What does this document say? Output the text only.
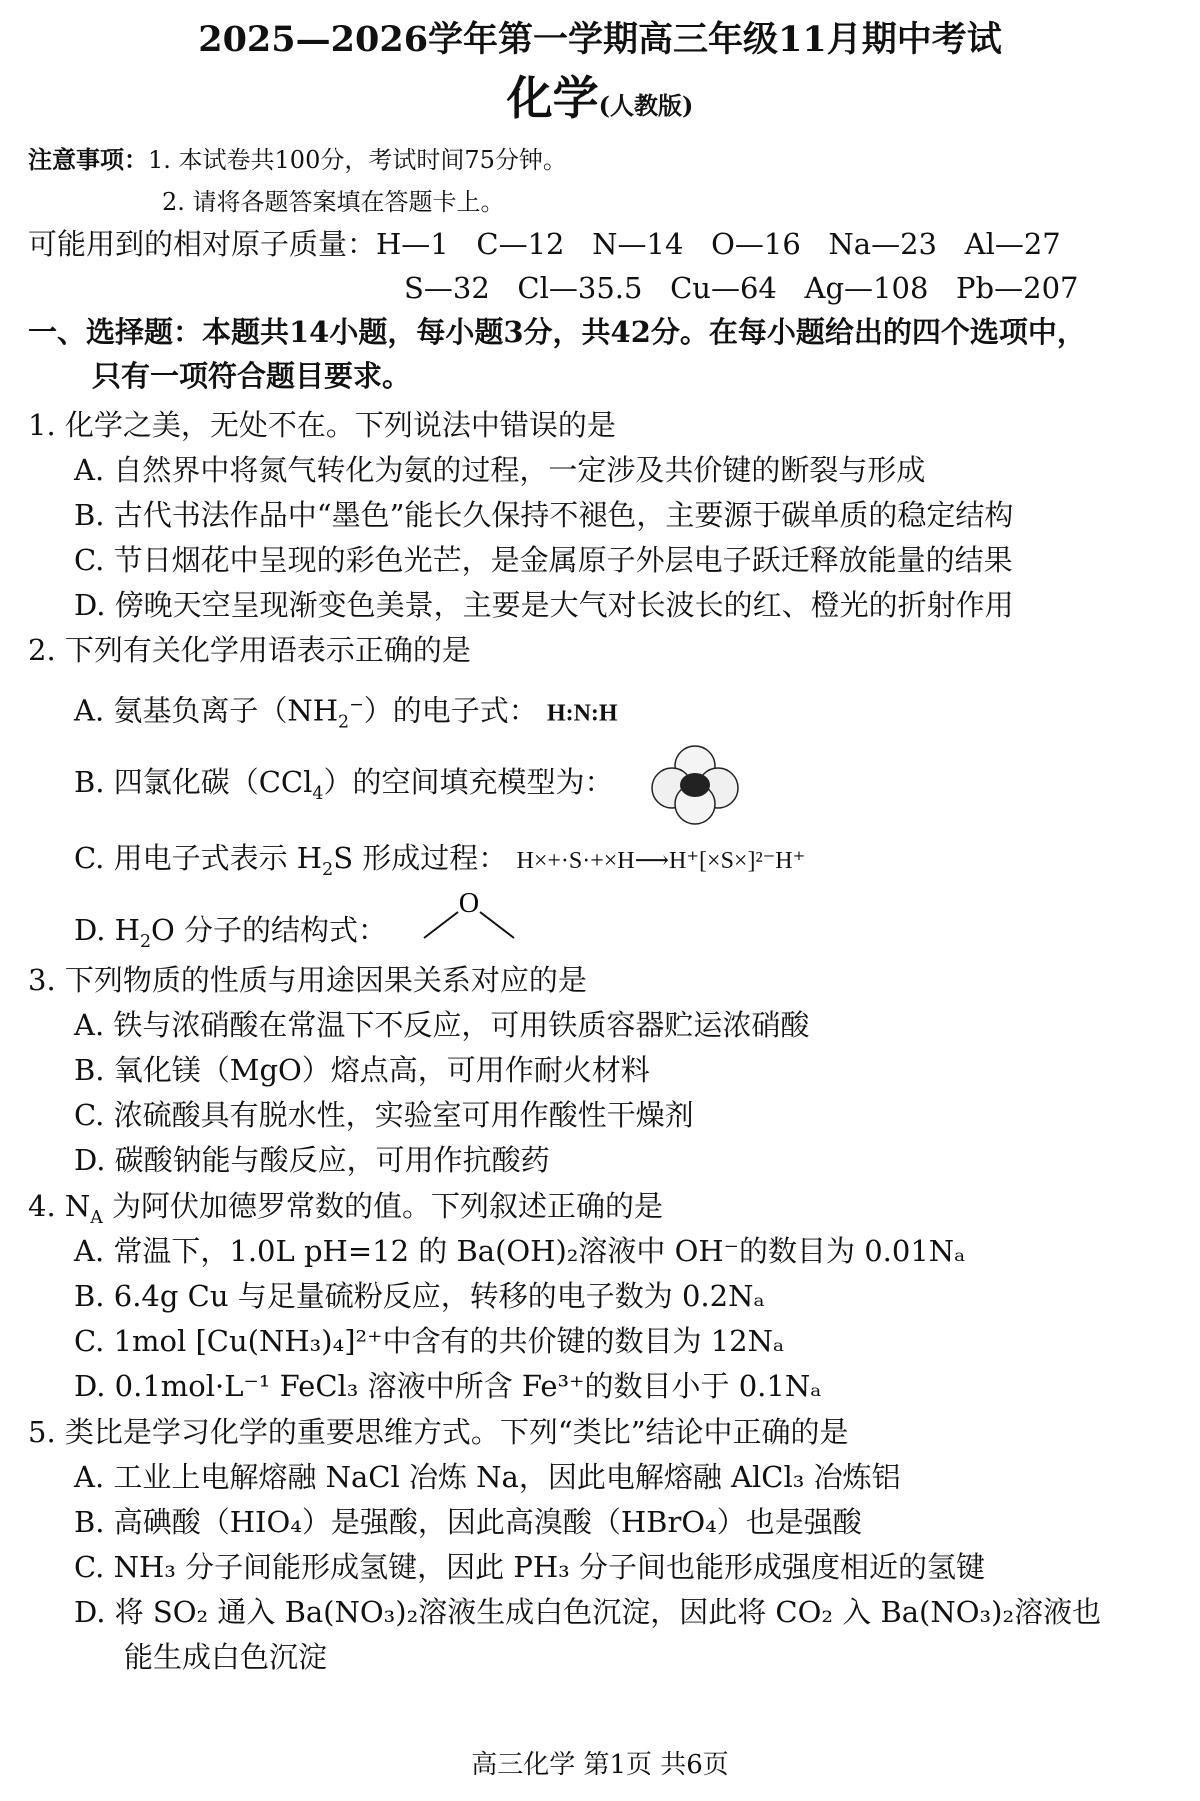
2025—2026学年第一学期高三年级11月期中考试
化学(人教版)
注意事项：1. 本试卷共100分，考试时间75分钟。
2. 请将各题答案填在答题卡上。
可能用到的相对原子质量：H—1   C—12   N—14   O—16   Na—23   Al—27
S—32   Cl—35.5   Cu—64   Ag—108   Pb—207
一、选择题：本题共14小题，每小题3分，共42分。在每小题给出的四个选项中，
只有一项符合题目要求。
1. 化学之美，无处不在。下列说法中错误的是
A. 自然界中将氮气转化为氨的过程，一定涉及共价键的断裂与形成
B. 古代书法作品中“墨色”能长久保持不褪色，主要源于碳单质的稳定结构
C. 节日烟花中呈现的彩色光芒，是金属原子外层电子跃迁释放能量的结果
D. 傍晚天空呈现渐变色美景，主要是大气对长波长的红、橙光的折射作用
2. 下列有关化学用语表示正确的是
A. 氨基负离子$(NH_2^-)$的电子式： H:N:H
B. 四氯化碳（CCl$_4$）的空间填充模型为：
C. 用电子式表示 $H_2S$ 形成过程： H×+·S·+×H⟶H⁺[×S×]²⁻H⁺
D. $H_2O$ 分子的结构式：
O
3. 下列物质的性质与用途因果关系对应的是
A. 铁与浓硝酸在常温下不反应，可用铁质容器贮运浓硝酸
B. 氧化镁（MgO）熔点高，可用作耐火材料
C. 浓硫酸具有脱水性，实验室可用作酸性干燥剂
D. 碳酸钠能与酸反应，可用作抗酸药
4. $N_A$ 为阿伏加德罗常数的值。下列叙述正确的是
A. 常温下，1.0L pH=12 的 Ba(OH)₂溶液中 OH⁻的数目为 0.01Nₐ
B. 6.4g Cu 与足量硫粉反应，转移的电子数为 0.2Nₐ
C. 1mol [Cu(NH₃)₄]²⁺中含有的共价键的数目为 12Nₐ
D. 0.1mol·L⁻¹ FeCl₃ 溶液中所含 Fe³⁺的数目小于 0.1Nₐ
5. 类比是学习化学的重要思维方式。下列“类比”结论中正确的是
A. 工业上电解熔融 NaCl 冶炼 Na，因此电解熔融 AlCl₃ 冶炼铝
B. 高碘酸（HIO₄）是强酸，因此高溴酸（HBrO₄）也是强酸
C. NH₃ 分子间能形成氢键，因此 PH₃ 分子间也能形成强度相近的氢键
D. 将 SO₂ 通入 Ba(NO₃)₂溶液生成白色沉淀，因此将 CO₂ 入 Ba(NO₃)₂溶液也
能生成白色沉淀
高三化学 第1页 共6页
